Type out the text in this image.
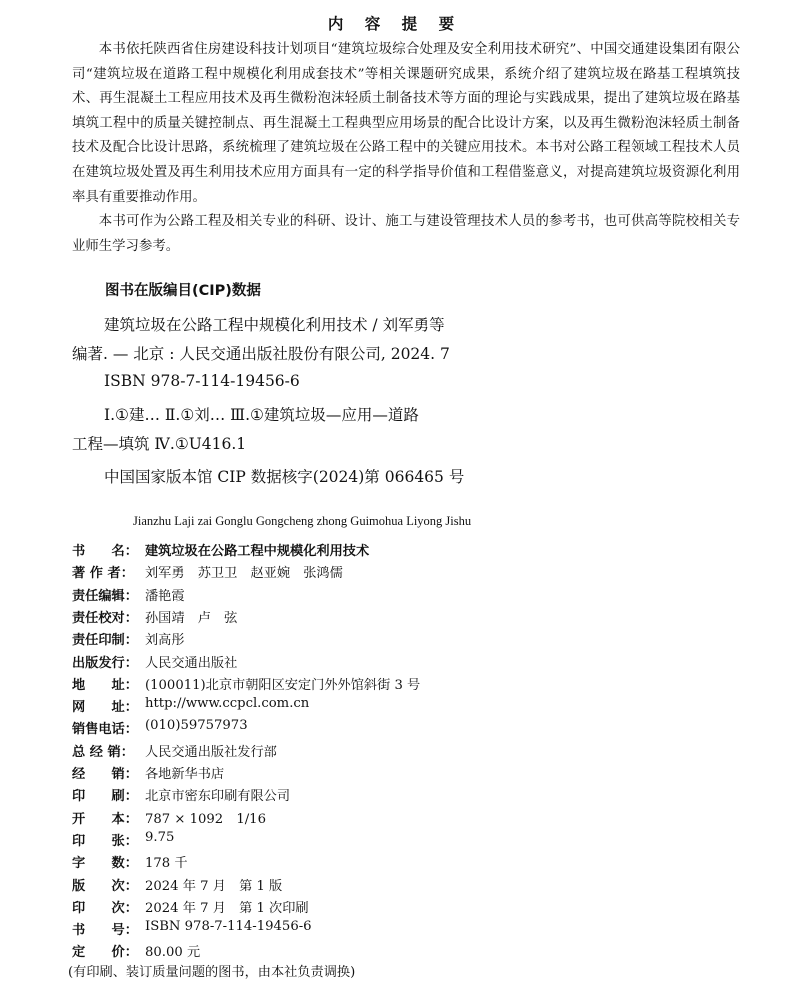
内 容 提 要

本书依托陕西省住房建设科技计划项目“建筑垃圾综合处理及安全利用技术研究”、中国交通建设集团有限公司“建筑垃圾在道路工程中规模化利用成套技术”等相关课题研究成果，系统介绍了建筑垃圾在路基工程填筑技术、再生混凝土工程应用技术及再生微粉泡沫轻质土制备技术等方面的理论与实践成果，提出了建筑垃圾在路基填筑工程中的质量关键控制点、再生混凝土工程典型应用场景的配合比设计方案，以及再生微粉泡沫轻质土制备技术及配合比设计思路，系统梳理了建筑垃圾在公路工程中的关键应用技术。本书对公路工程领域工程技术人员在建筑垃圾处置及再生利用技术应用方面具有一定的科学指导价值和工程借鉴意义，对提高建筑垃圾资源化利用率具有重要推动作用。

本书可作为公路工程及相关专业的科研、设计、施工与建设管理技术人员的参考书，也可供高等院校相关专业师生学习参考。

图书在版编目(CIP)数据
建筑垃圾在公路工程中规模化利用技术 / 刘军勇等
编著. — 北京 : 人民交通出版社股份有限公司, 2024. 7
ISBN 978-7-114-19456-6
Ⅰ.①建… Ⅱ.①刘… Ⅲ.①建筑垃圾—应用—道路
工程—填筑 Ⅳ.①U416.1
中国国家版本馆 CIP 数据核字(2024)第 066465 号
Jianzhu Laji zai Gonglu Gongcheng zhong Guimohua Liyong Jishu
书　　名： 建筑垃圾在公路工程中规模化利用技术
著 作 者： 刘军勇　苏卫卫　赵亚婉　张鸿儒
责任编辑： 潘艳霞
责任校对： 孙国靖　卢　弦
责任印制： 刘高彤
出版发行： 人民交通出版社
地　　址： (100011)北京市朝阳区安定门外外馆斜街 3 号
网　　址： http://www.ccpcl.com.cn
销售电话： (010)59757973
总 经 销： 人民交通出版社发行部
经　　销： 各地新华书店
印　　刷： 北京市密东印刷有限公司
开　　本： 787 × 1092　1/16
印　　张： 9.75
字　　数： 178 千
版　　次： 2024 年 7 月　第 1 版
印　　次： 2024 年 7 月　第 1 次印刷
书　　号： ISBN 978-7-114-19456-6
定　　价： 80.00 元
(有印刷、装订质量问题的图书，由本社负责调换)
